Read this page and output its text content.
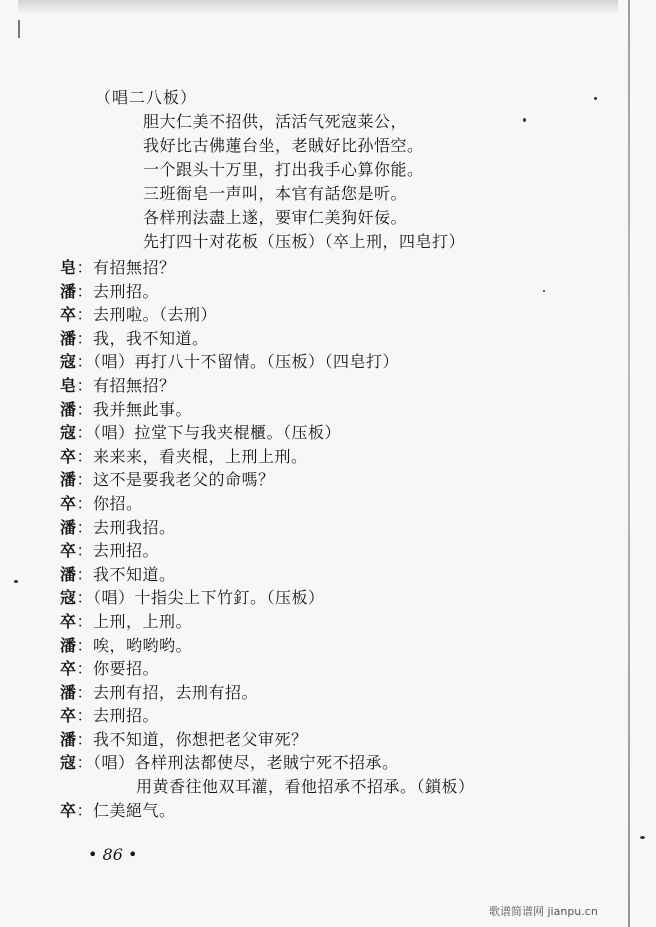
（唱二八板）
胆大仁美不招供，活活气死寇莱公，
我好比古佛蓮台坐，老賊好比孙悟空。
一个跟头十万里，打出我手心算你能。
三班衙皂一声叫，本官有話您是听。
各样刑法盡上遂，要审仁美狗奸佞。
先打四十对花板（压板）（卒上刑，四皂打）
皂：有招無招？
潘：去刑招。
卒：去刑啦。（去刑）
潘：我，我不知道。
寇：（唱）再打八十不留情。（压板）（四皂打）
皂：有招無招？
潘：我并無此事。
寇：（唱）拉堂下与我夹棍櫃。（压板）
卒：来来来，看夹棍，上刑上刑。
潘：这不是要我老父的命嗎？
卒：你招。
潘：去刑我招。
卒：去刑招。
潘：我不知道。
寇：（唱）十指尖上下竹釘。（压板）
卒：上刑，上刑。
潘：唉，哟哟哟。
卒：你要招。
潘：去刑有招，去刑有招。
卒：去刑招。
潘：我不知道，你想把老父审死？
寇：（唱）各样刑法都使尽，老賊宁死不招承。
用黄香往他双耳灌，看他招承不招承。（鎖板）
卒：仁美絕气。
• 86 •
歌谱简谱网 jianpu.cn
